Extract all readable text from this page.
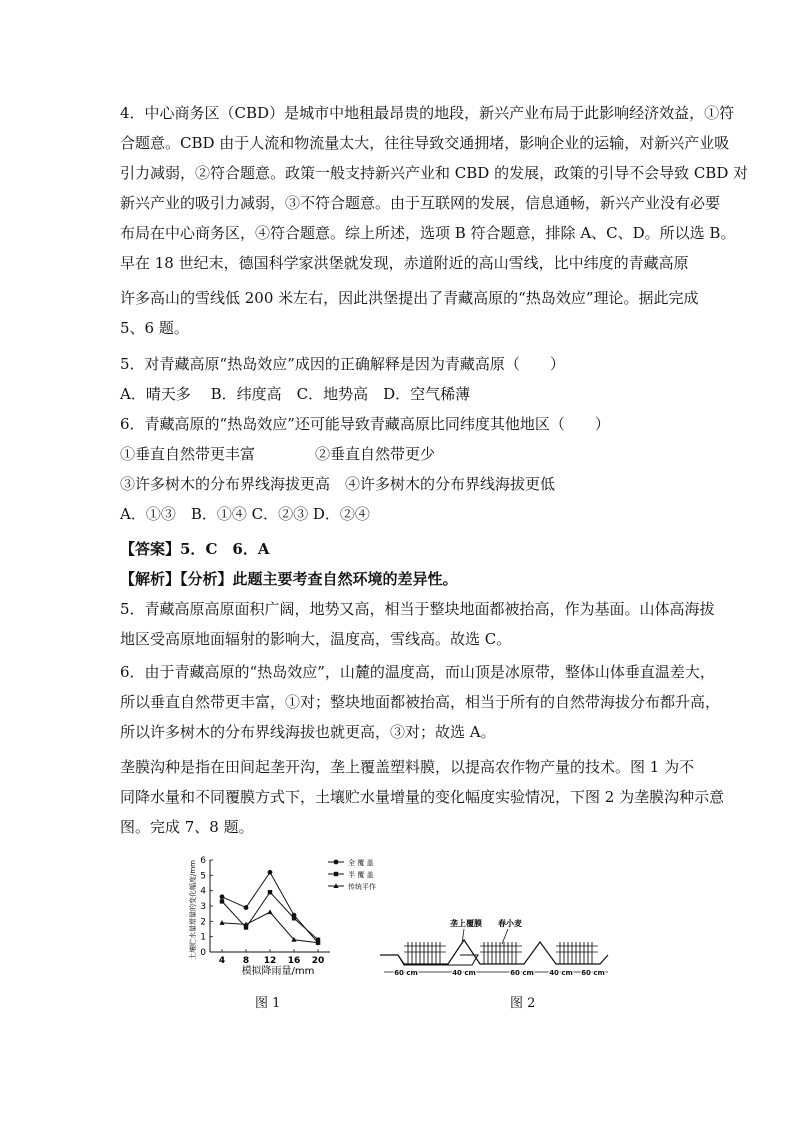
4．中心商务区（CBD）是城市中地租最昂贵的地段，新兴产业布局于此影响经济效益，①符
合题意。CBD 由于人流和物流量太大，往往导致交通拥堵，影响企业的运输，对新兴产业吸
引力减弱，②符合题意。政策一般支持新兴产业和 CBD 的发展，政策的引导不会导致 CBD 对
新兴产业的吸引力减弱，③不符合题意。由于互联网的发展，信息通畅，新兴产业没有必要
布局在中心商务区，④符合题意。综上所述，选项 B 符合题意，排除 A、C、D。所以选 B。
早在 18 世纪末，德国科学家洪堡就发现，赤道附近的高山雪线，比中纬度的青藏高原
许多高山的雪线低 200 米左右，因此洪堡提出了青藏高原的“热岛效应”理论。据此完成
5、6 题。
5．对青藏高原“热岛效应”成因的正确解释是因为青藏高原（　　）
A．晴天多　 B．纬度高　C．地势高　D．空气稀薄
6．青藏高原的“热岛效应”还可能导致青藏高原比同纬度其他地区（　　）
①垂直自然带更丰富　　　　②垂直自然带更少
③许多树木的分布界线海拔更高　④许多树木的分布界线海拔更低
A．①③　B．①④ C．②③ D．②④
【答案】5．C　6．A
【解析】【分析】此题主要考查自然环境的差异性。
5．青藏高原高原面积广阔，地势又高，相当于整块地面都被抬高，作为基面。山体高海拔
地区受高原地面辐射的影响大，温度高，雪线高。故选 C。
6．由于青藏高原的“热岛效应”，山麓的温度高，而山顶是冰原带，整体山体垂直温差大，
所以垂直自然带更丰富，①对；整块地面都被抬高，相当于所有的自然带海拔分布都升高，
所以许多树木的分布界线海拔也就更高，③对；故选 A。
垄膜沟种是指在田间起垄开沟，垄上覆盖塑料膜，以提高农作物产量的技术。图 1 为不
同降水量和不同覆膜方式下，土壤贮水量增量的变化幅度实验情况，下图 2 为垄膜沟种示意
图。完成 7、8 题。
0
1
2
3
4
5
6
4 8 12 16 20
全 覆 盖
半 覆 盖
传统平作
模拟降雨量/mm
土壤贮水量增量的变化幅度/mm
图 1
垄上覆膜 春小麦
60 cm	40 cm	60 cm 40 cm 60 cm
图 2
